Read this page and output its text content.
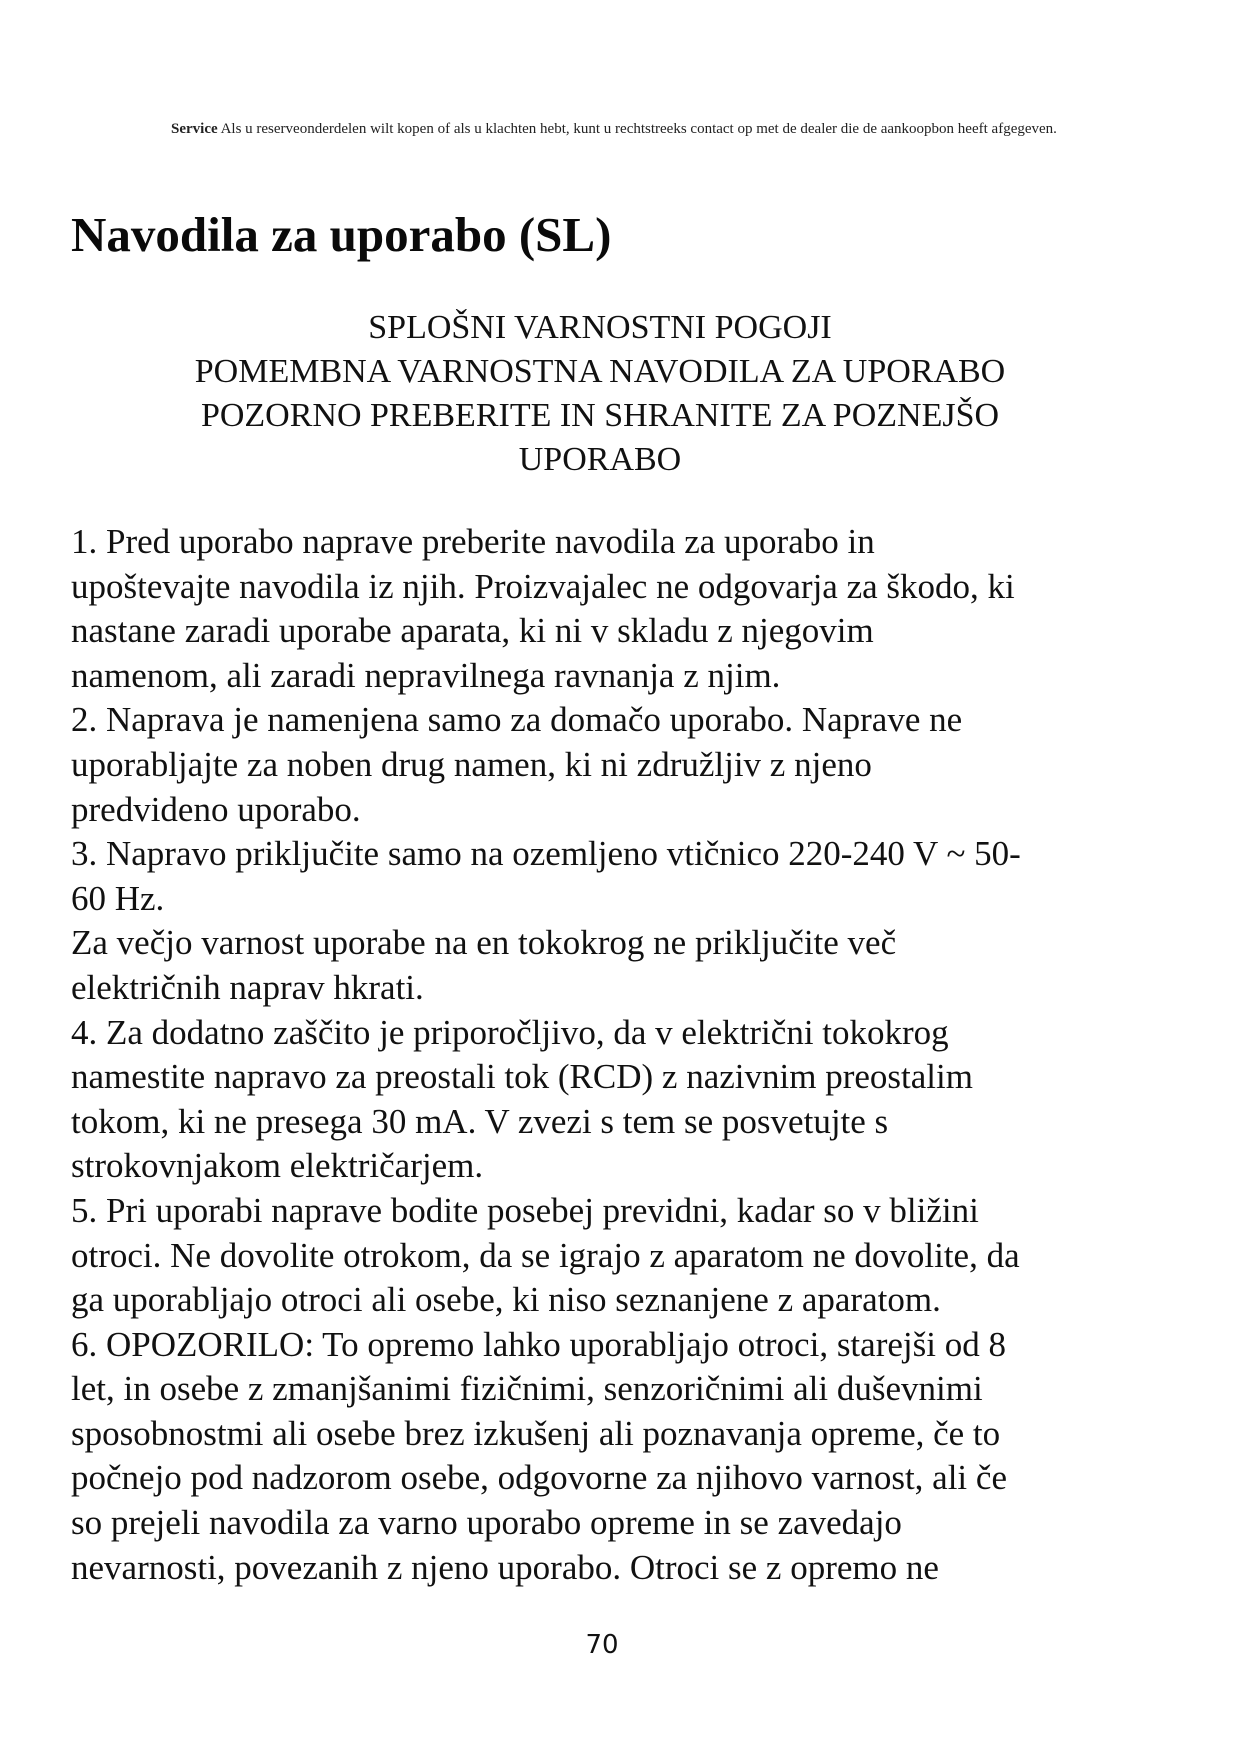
Service Als u reserveonderdelen wilt kopen of als u klachten hebt, kunt u rechtstreeks contact op met de dealer die de aankoopbon heeft afgegeven.
Navodila za uporabo (SL)
SPLOŠNI VARNOSTNI POGOJI
POMEMBNA VARNOSTNA NAVODILA ZA UPORABO
POZORNO PREBERITE IN SHRANITE ZA POZNEJŠO
UPORABO
1. Pred uporabo naprave preberite navodila za uporabo in
upoštevajte navodila iz njih. Proizvajalec ne odgovarja za škodo, ki
nastane zaradi uporabe aparata, ki ni v skladu z njegovim
namenom, ali zaradi nepravilnega ravnanja z njim.
2. Naprava je namenjena samo za domačo uporabo. Naprave ne
uporabljajte za noben drug namen, ki ni združljiv z njeno
predvideno uporabo.
3. Napravo priključite samo na ozemljeno vtičnico 220-240 V ~ 50-
60 Hz.
Za večjo varnost uporabe na en tokokrog ne priključite več
električnih naprav hkrati.
4. Za dodatno zaščito je priporočljivo, da v električni tokokrog
namestite napravo za preostali tok (RCD) z nazivnim preostalim
tokom, ki ne presega 30 mA. V zvezi s tem se posvetujte s
strokovnjakom električarjem.
5. Pri uporabi naprave bodite posebej previdni, kadar so v bližini
otroci. Ne dovolite otrokom, da se igrajo z aparatom ne dovolite, da
ga uporabljajo otroci ali osebe, ki niso seznanjene z aparatom.
6. OPOZORILO: To opremo lahko uporabljajo otroci, starejši od 8
let, in osebe z zmanjšanimi fizičnimi, senzoričnimi ali duševnimi
sposobnostmi ali osebe brez izkušenj ali poznavanja opreme, če to
počnejo pod nadzorom osebe, odgovorne za njihovo varnost, ali če
so prejeli navodila za varno uporabo opreme in se zavedajo
nevarnosti, povezanih z njeno uporabo. Otroci se z opremo ne
70
